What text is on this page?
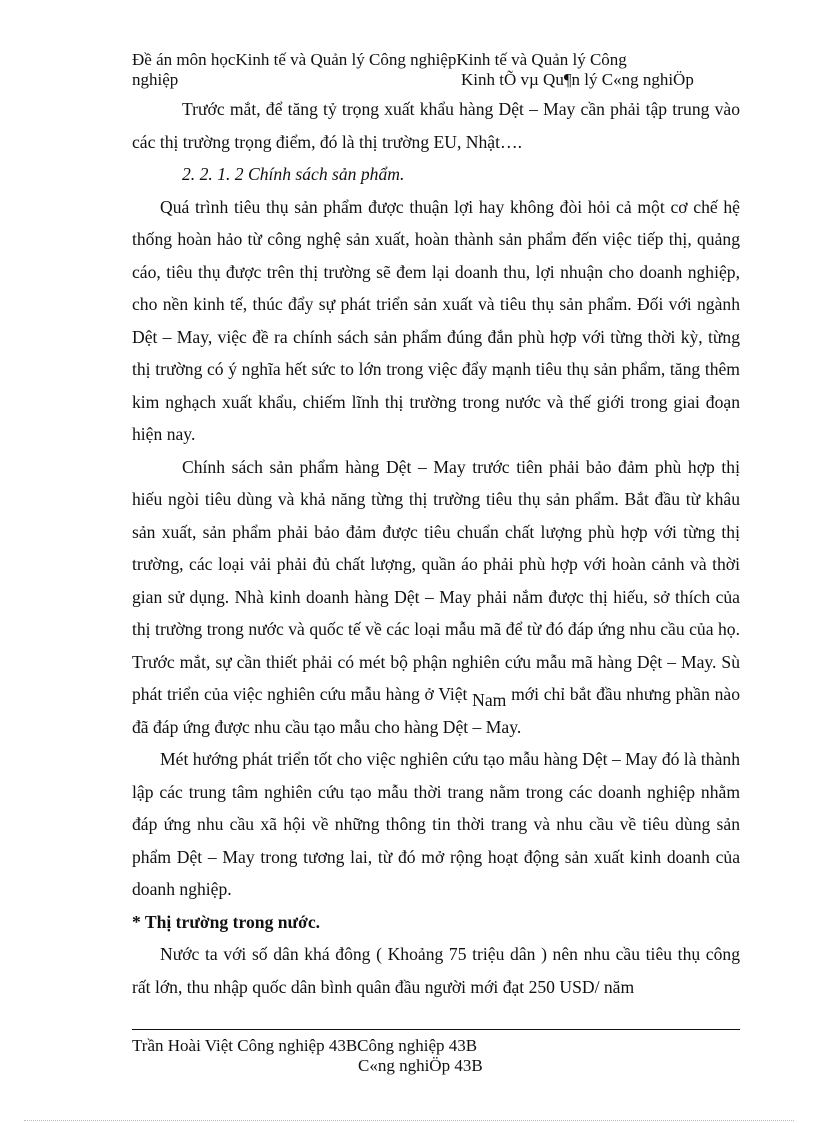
Đề án môn họcKinh tế và Quản lý Công nghiệpKinh tế và Quản lý Công
nghiệp	Kinh tÕ vµ Qu¶n lý C«ng nghiÖp

Trước mắt, để tăng tỷ trọng xuất khẩu hàng Dệt – May cần phải tập trung vào các thị trường trọng điểm, đó là thị trường EU, Nhật….

2. 2. 1. 2 Chính sách sản phẩm.

Quá trình tiêu thụ sản phẩm được thuận lợi hay không đòi hỏi cả một cơ chế hệ thống hoàn hảo từ công nghệ sản xuất, hoàn thành sản phẩm đến việc tiếp thị, quảng cáo, tiêu thụ được trên thị trường sẽ đem lại doanh thu, lợi nhuận cho doanh nghiệp, cho nền kinh tế, thúc đẩy sự phát triển sản xuất và tiêu thụ sản phẩm. Đối với ngành Dệt – May, việc đề ra chính sách sản phẩm đúng đắn phù hợp với từng thời kỳ, từng thị trường có ý nghĩa hết sức to lớn trong việc đẩy mạnh tiêu thụ sản phẩm, tăng thêm kim nghạch xuất khẩu, chiếm lĩnh thị trường trong nước và thế giới trong giai đoạn hiện nay.

Chính sách sản phẩm hàng Dệt – May trước tiên phải bảo đảm phù hợp thị hiếu ngòi tiêu dùng và khả năng từng thị trường tiêu thụ sản phẩm. Bắt đầu từ khâu sản xuất, sản phẩm phải bảo đảm được tiêu chuẩn chất lượng phù hợp với từng thị trường, các loại vải phải đủ chất lượng, quần áo phải phù hợp với hoàn cảnh và thời gian sử dụng. Nhà kinh doanh hàng Dệt – May phải nắm được thị hiếu, sở thích của thị trường trong nước và quốc tế về các loại mẫu mã để từ đó đáp ứng nhu cầu của họ. Trước mắt, sự cần thiết phải có mét bộ phận nghiên cứu mẫu mã hàng Dệt – May. Sù phát triển của việc nghiên cứu mẫu hàng ở Việt Nam mới chỉ bắt đầu nhưng phần nào đã đáp ứng được nhu cầu tạo mẫu cho hàng Dệt – May.

Mét hướng phát triển tốt cho việc nghiên cứu tạo mẫu hàng Dệt – May đó là thành lập các trung tâm nghiên cứu tạo mẫu thời trang nằm trong các doanh nghiệp nhằm đáp ứng nhu cầu xã hội về những thông tin thời trang và nhu cầu về tiêu dùng sản phẩm Dệt – May trong tương lai, từ đó mở rộng hoạt động sản xuất kinh doanh của doanh nghiệp.

* Thị trường trong nước.

Nước ta với số dân khá đông ( Khoảng 75 triệu dân ) nên nhu cầu tiêu thụ công rất lớn, thu nhập quốc dân bình quân đầu người mới đạt 250 USD/ năm

Trần Hoài Việt Công nghiệp 43BCông nghiệp 43B
C«ng nghiÖp 43B
